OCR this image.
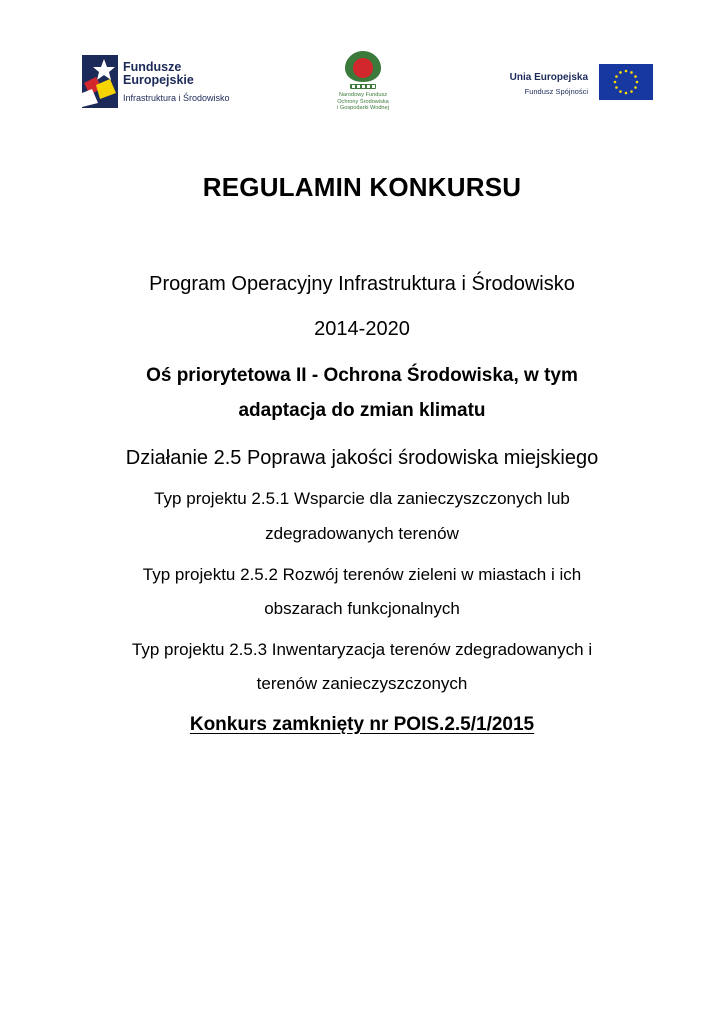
Fundusze
Europejskie
Infrastruktura i Środowisko	Narodowy Fundusz
Ochrony Środowiska
i Gospodarki Wodnej
Unia Europejska
Fundusz Spójności
REGULAMIN KONKURSU
Program Operacyjny Infrastruktura i Środowisko
2014-2020
Oś priorytetowa II - Ochrona Środowiska, w tym
adaptacja do zmian klimatu
Działanie 2.5 Poprawa jakości środowiska miejskiego
Typ projektu 2.5.1 Wsparcie dla zanieczyszczonych lub
zdegradowanych terenów
Typ projektu 2.5.2 Rozwój terenów zieleni w miastach i ich
obszarach funkcjonalnych
Typ projektu 2.5.3 Inwentaryzacja terenów zdegradowanych i
terenów zanieczyszczonych
Konkurs zamknięty nr POIS.2.5/1/2015
